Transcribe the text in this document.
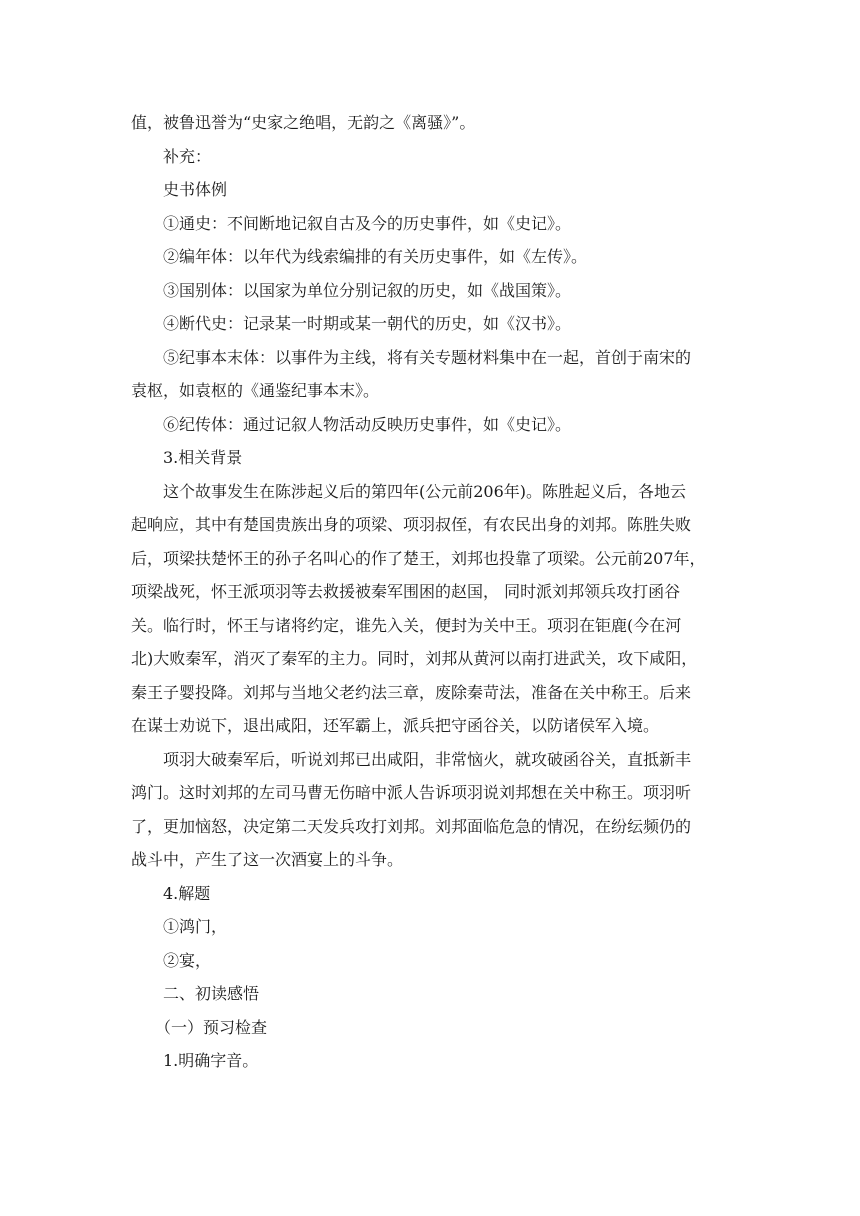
值，被鲁迅誉为“史家之绝唱，无韵之《离骚》”。

补充：

史书体例

①通史：不间断地记叙自古及今的历史事件，如《史记》。

②编年体：以年代为线索编排的有关历史事件，如《左传》。

③国别体：以国家为单位分别记叙的历史，如《战国策》。

④断代史：记录某一时期或某一朝代的历史，如《汉书》。

⑤纪事本末体：以事件为主线，将有关专题材料集中在一起，首创于南宋的

袁枢，如袁枢的《通鉴纪事本末》。

⑥纪传体：通过记叙人物活动反映历史事件，如《史记》。

3.相关背景

这个故事发生在陈涉起义后的第四年(公元前206年)。陈胜起义后，各地云

起响应，其中有楚国贵族出身的项梁、项羽叔侄，有农民出身的刘邦。陈胜失败

后，项梁扶楚怀王的孙子名叫心的作了楚王，刘邦也投靠了项梁。公元前207年，

项梁战死，怀王派项羽等去救援被秦军围困的赵国， 同时派刘邦领兵攻打函谷

关。临行时，怀王与诸将约定，谁先入关，便封为关中王。项羽在钜鹿(今在河

北)大败秦军，消灭了秦军的主力。同时，刘邦从黄河以南打进武关，攻下咸阳，

秦王子婴投降。刘邦与当地父老约法三章，废除秦苛法，准备在关中称王。后来

在谋士劝说下，退出咸阳，还军霸上，派兵把守函谷关，以防诸侯军入境。

项羽大破秦军后，听说刘邦已出咸阳，非常恼火，就攻破函谷关，直抵新丰

鸿门。这时刘邦的左司马曹无伤暗中派人告诉项羽说刘邦想在关中称王。项羽听

了，更加恼怒，决定第二天发兵攻打刘邦。刘邦面临危急的情况，在纷纭频仍的

战斗中，产生了这一次酒宴上的斗争。

4.解题

①鸿门，

②宴，

二、初读感悟

（一）预习检查

1.明确字音。
